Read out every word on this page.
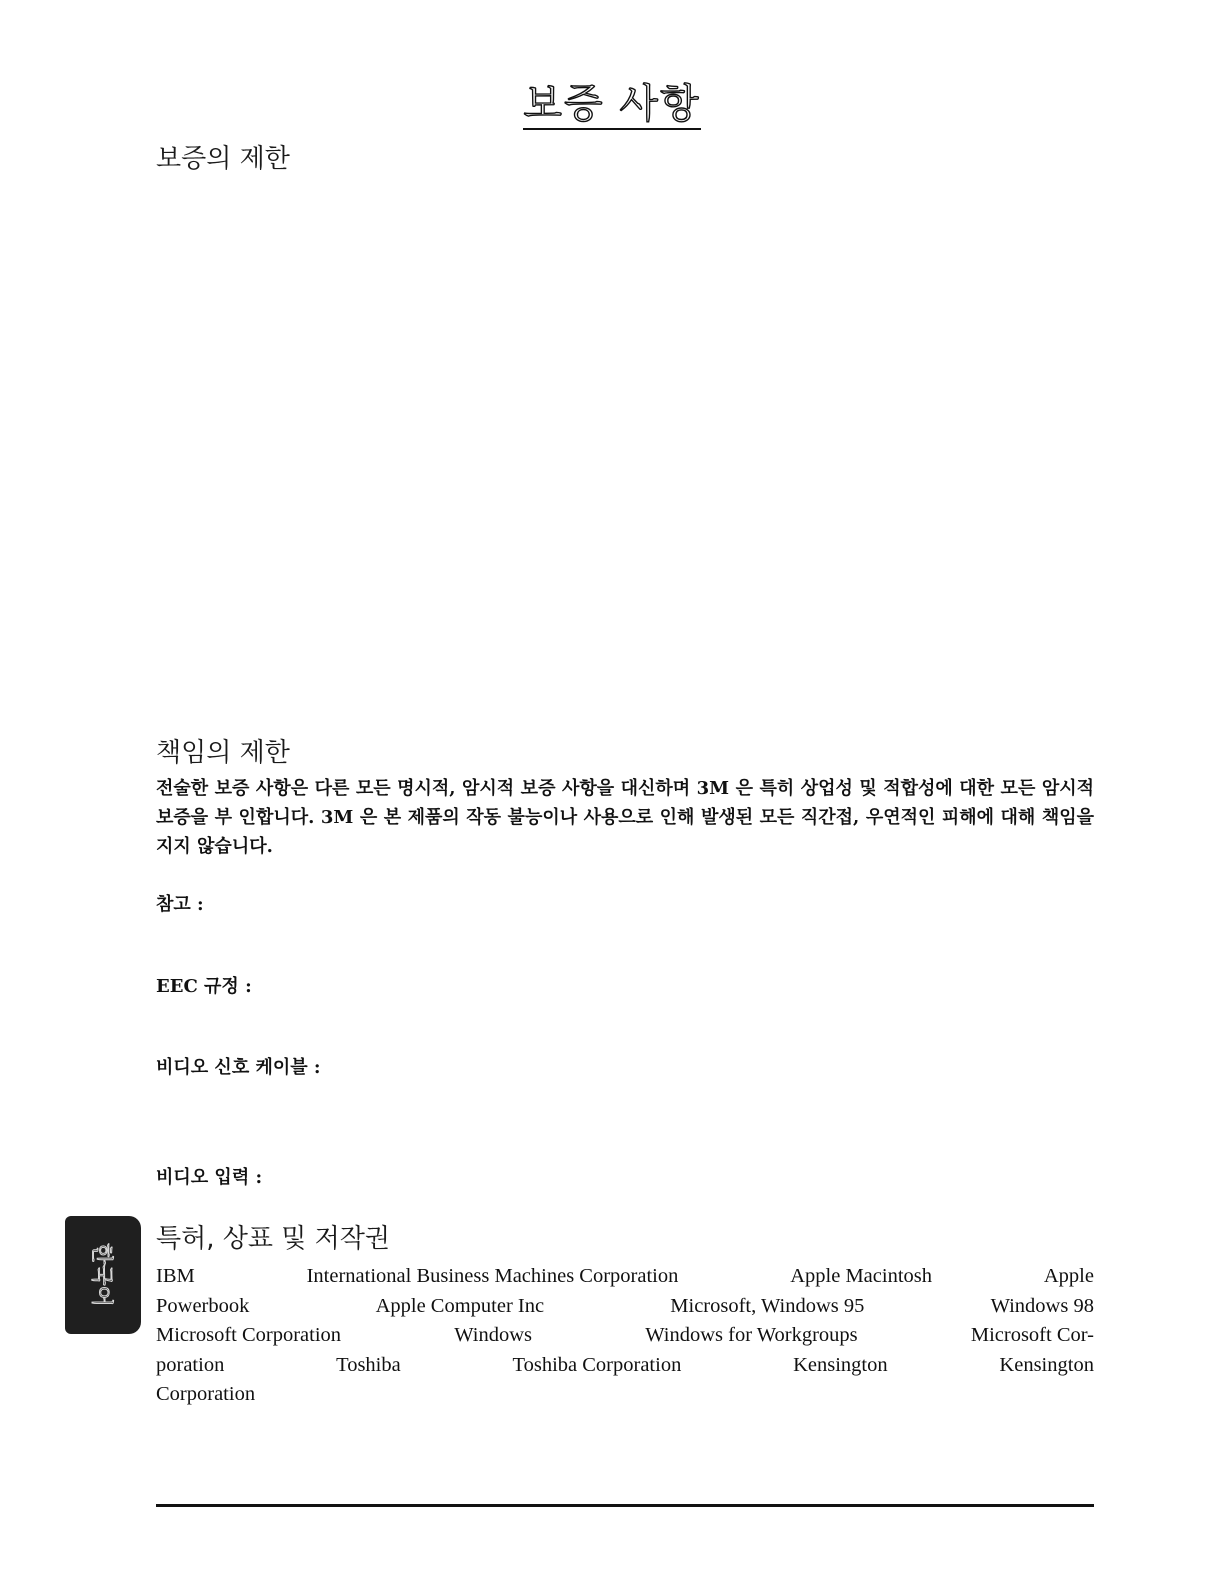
보증 사항
보증의 제한
책임의 제한
전술한 보증 사항은 다른 모든 명시적, 암시적 보증 사항을 대신하며 3M 은 특히 상업성 및 적합성에 대한 모든 암시적 보증을 부 인합니다. 3M 은 본 제품의 작동 불능이나 사용으로 인해 발생된 모든 직간접, 우연적인 피해에 대해 책임을 지지 않습니다.
참고 :
EEC 규정 :
비디오 신호 케이블 :
비디오 입력 :
특허, 상표 및 저작권
IBM	International Business Machines Corporation	Apple Macintosh	Apple
Powerbook	Apple Computer Inc	Microsoft, Windows 95	Windows 98
Microsoft Corporation	Windows	Windows for Workgroups	Microsoft Cor-
poration	Toshiba	Toshiba Corporation	Kensington	Kensington
Corporation
한국어
